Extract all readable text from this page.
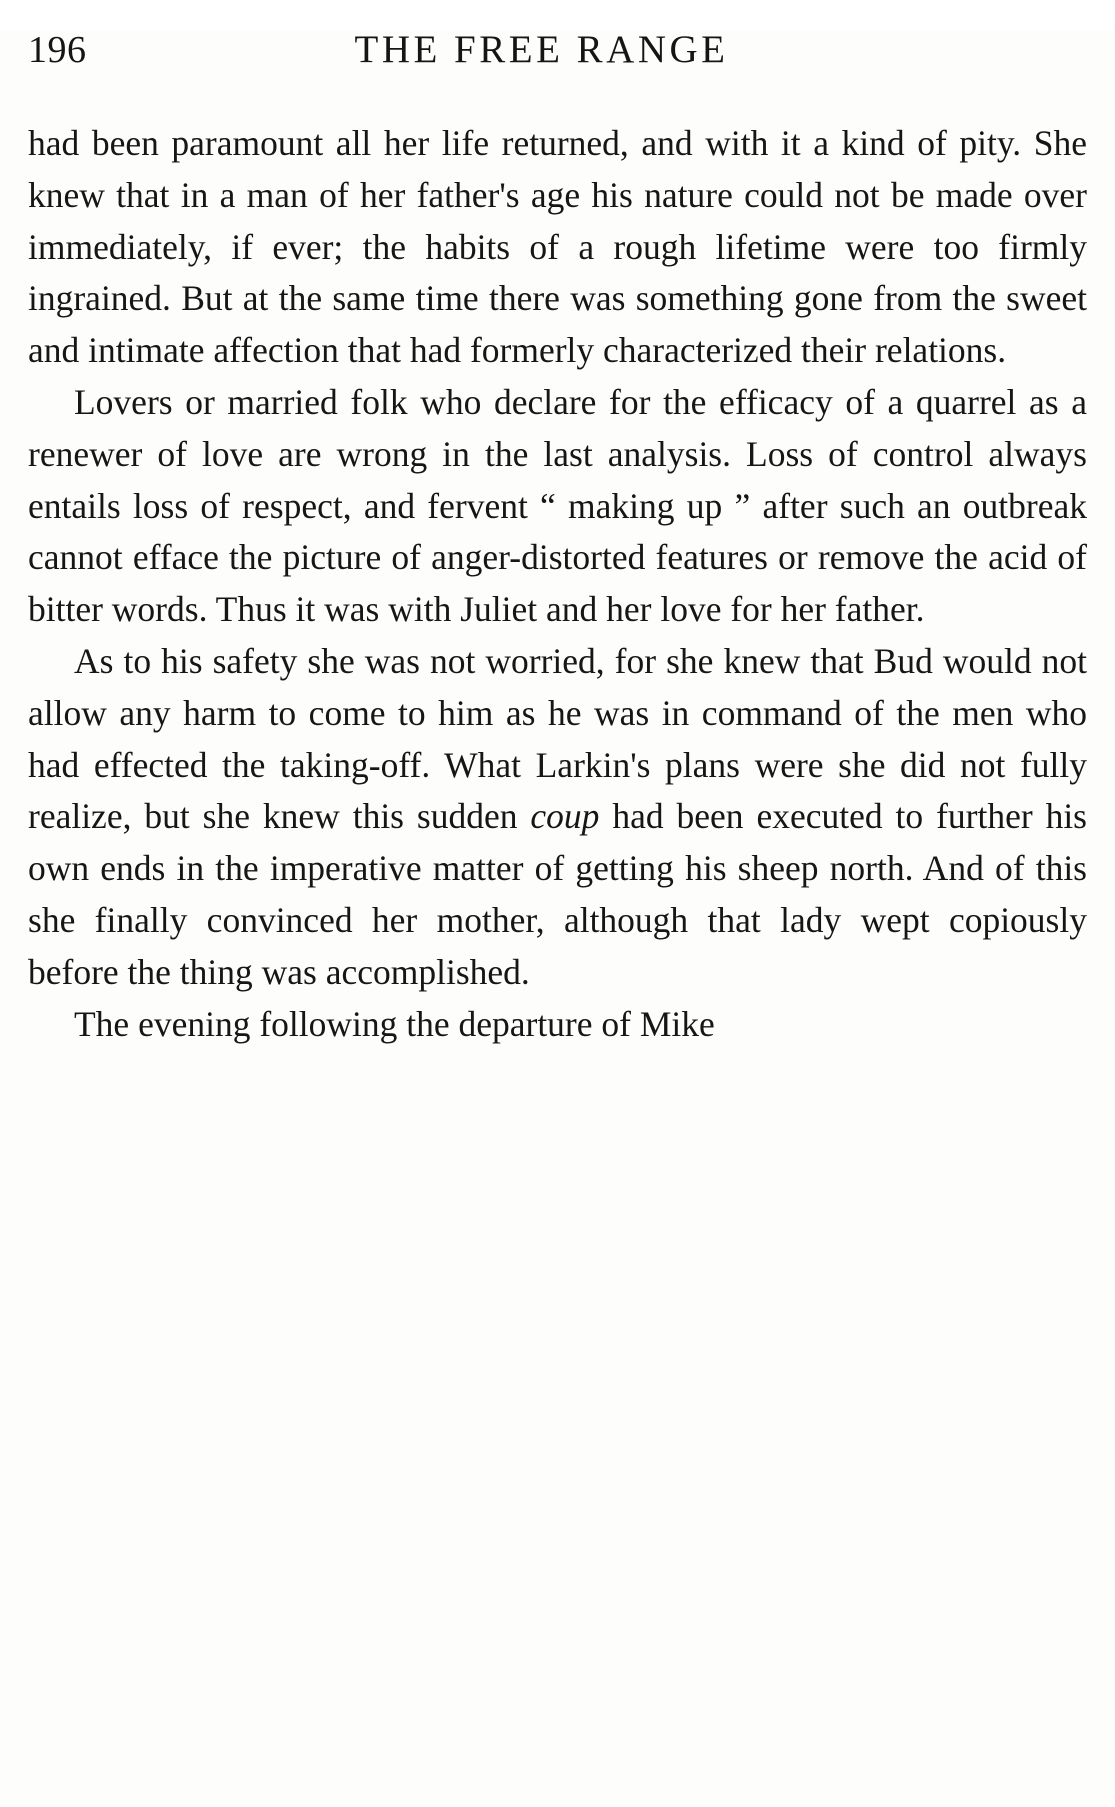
196	THE FREE RANGE

had been paramount all her life returned, and with it a kind of pity. She knew that in a man of her father's age his nature could not be made over immediately, if ever; the habits of a rough lifetime were too firmly ingrained. But at the same time there was something gone from the sweet and intimate affection that had formerly characterized their relations.

Lovers or married folk who declare for the efficacy of a quarrel as a renewer of love are wrong in the last analysis. Loss of control always entails loss of respect, and fervent “ making up ” after such an outbreak cannot efface the picture of anger-distorted features or remove the acid of bitter words. Thus it was with Juliet and her love for her father.

As to his safety she was not worried, for she knew that Bud would not allow any harm to come to him as he was in command of the men who had effected the taking-off. What Larkin's plans were she did not fully realize, but she knew this sudden coup had been executed to further his own ends in the imperative matter of getting his sheep north. And of this she finally convinced her mother, although that lady wept copiously before the thing was accomplished.

The evening following the departure of Mike
